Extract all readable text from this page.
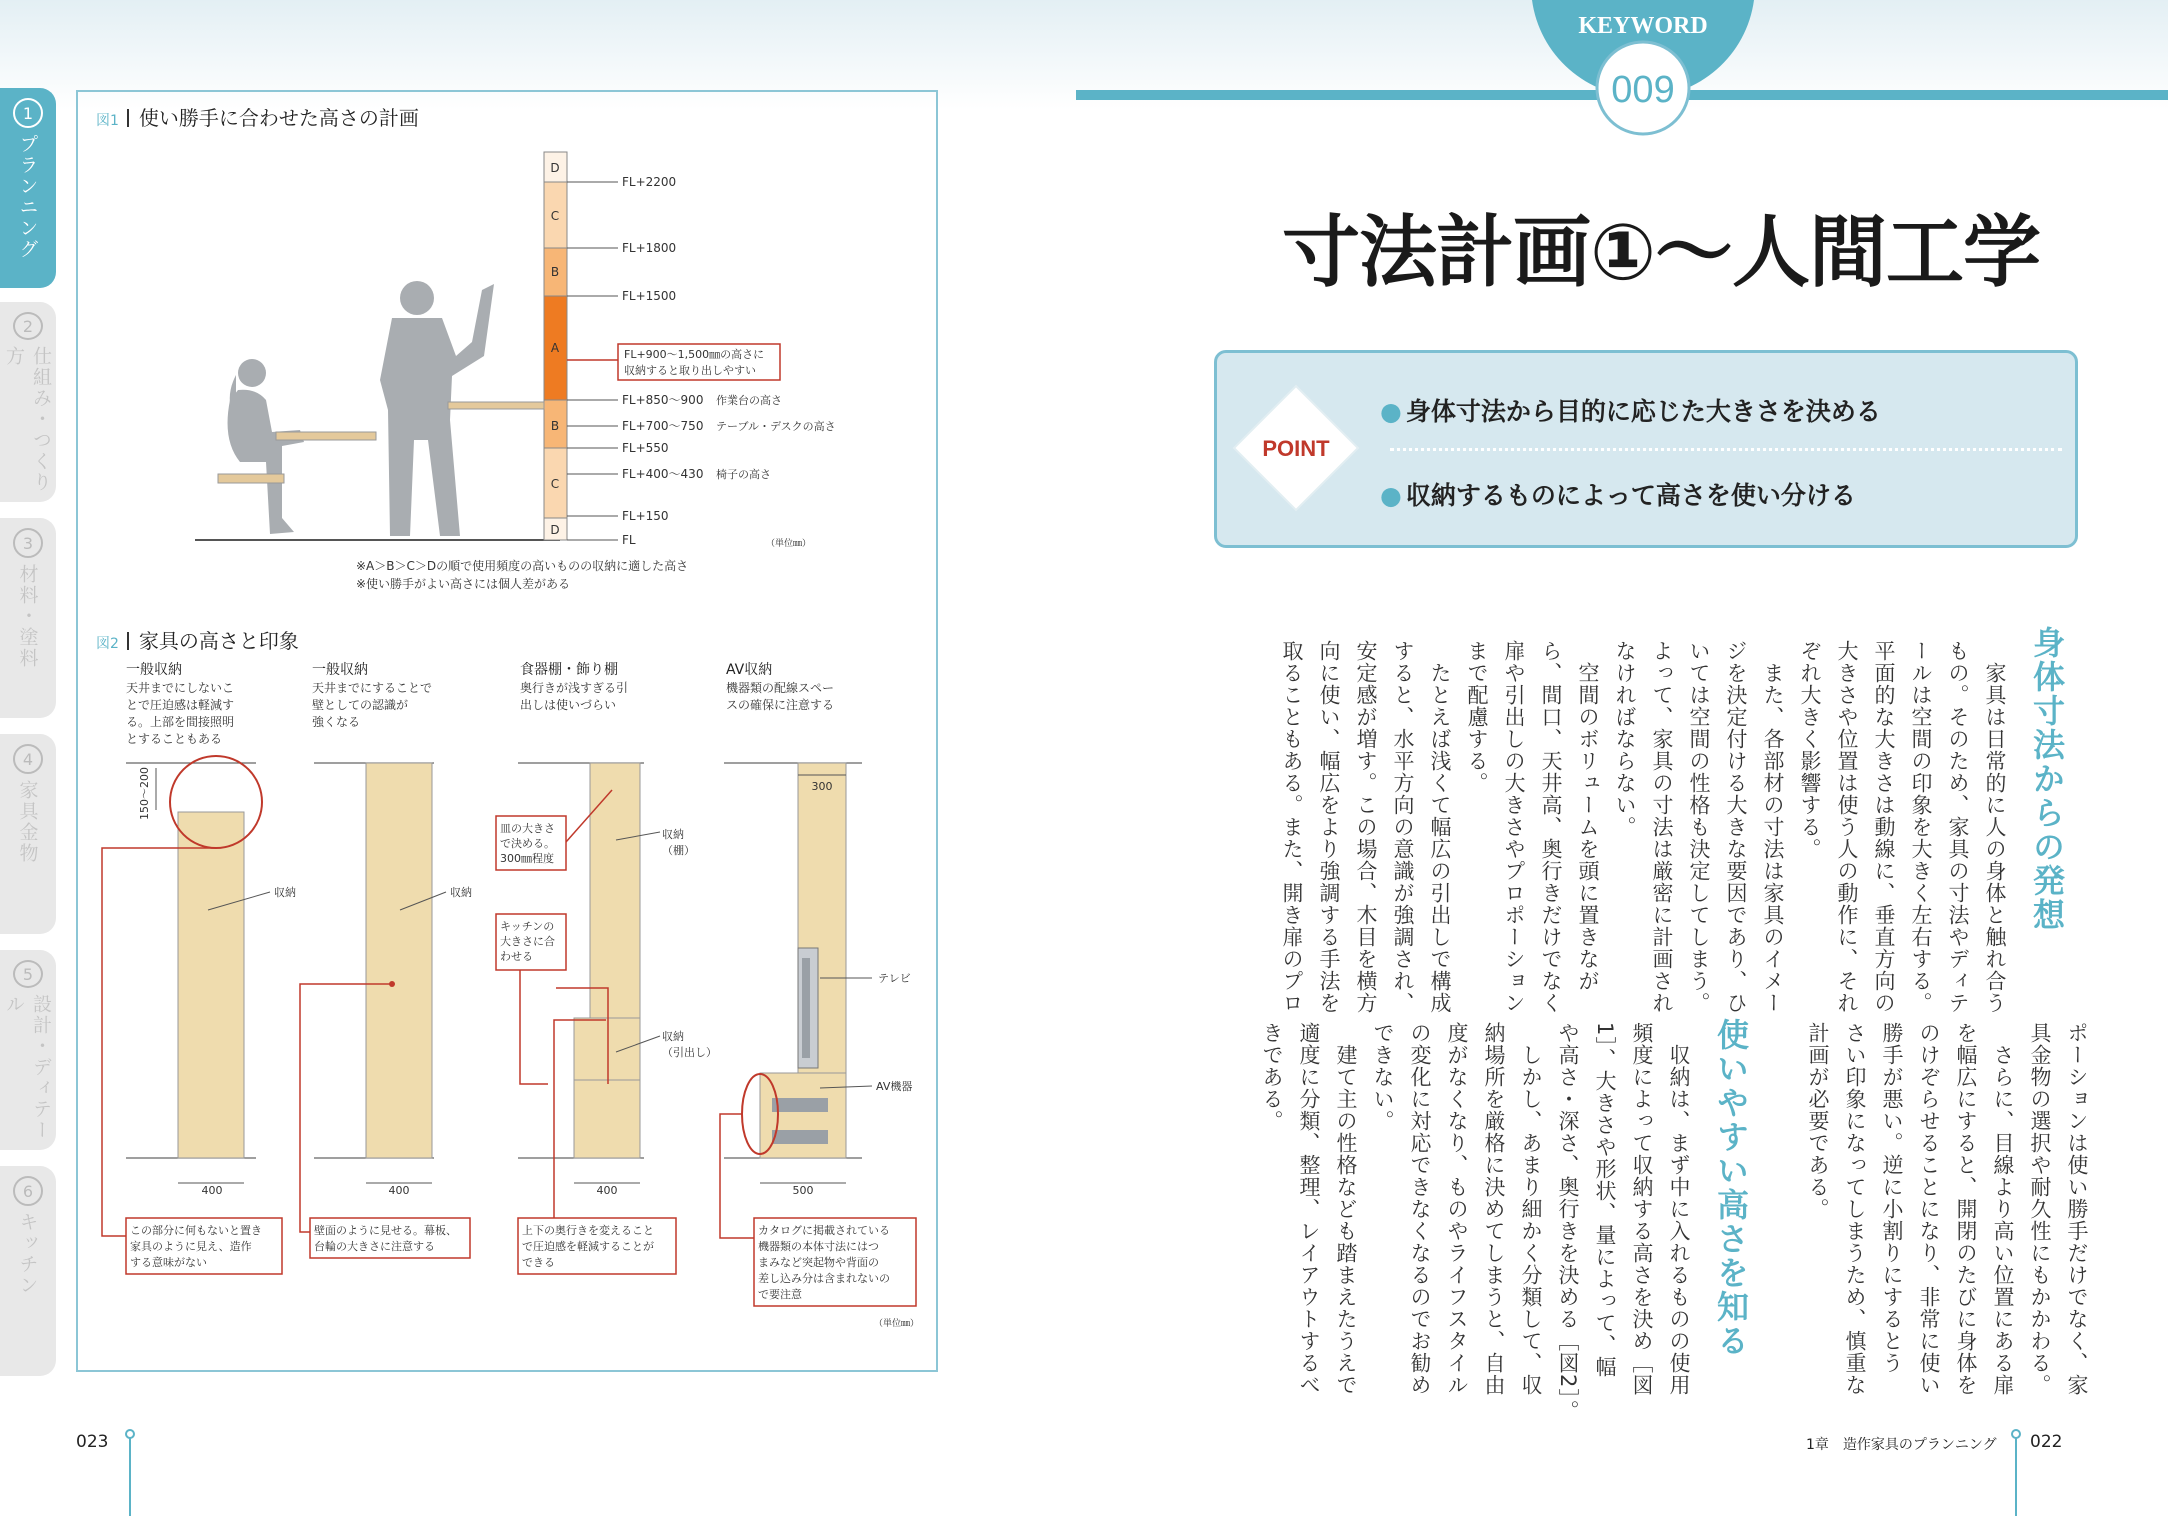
KEYWORD
009
1
プランニング
2
仕組み・つくり方
3
材料・塗料
4
家具金物
5
設計・ディテール
6
キッチン
図1 使い勝手に合わせた高さの計画
D
C
B
A
B
C
D
FL+2200
FL+1800
FL+1500
FL+850〜900
FL+700〜750
FL+550
FL+400〜430
FL+150
FL
作業台の高さ
テーブル・デスクの高さ
椅子の高さ
FL+900〜1,500㎜の高さに
収納すると取り出しやすい
（単位㎜）
※A＞B＞C＞Dの順で使用頻度の高いものの収納に適した高さ
※使い勝手がよい高さには個人差がある
図2 家具の高さと印象
一般収納
天井までにしないこ
とで圧迫感は軽減す
る。上部を間接照明
とすることもある
一般収納
天井までにすることで
壁としての認識が
強くなる
食器棚・飾り棚
奥行きが浅すぎる引
出しは使いづらい
AV収納
機器類の配線スペー
スの確保に注意する
150〜200
収納
400
収納
400
収納
（棚）
収納
（引出し）
皿の大きさ
で決める。
300㎜程度
キッチンの
大きさに合
わせる
400
300
テレビ
AV機器
500
この部分に何もないと置き
家具のように見え、造作
する意味がない
壁面のように見せる。幕板、
台輪の大きさに注意する
上下の奥行きを変えること
で圧迫感を軽減することが
できる
カタログに掲載されている
機器類の本体寸法にはつ
まみなど突起物や背面の
差し込み分は含まれないの
で要注意
（単位㎜）
寸法計画①〜人間工学
POINT
● 身体寸法から目的に応じた大きさを決める
● 収納するものによって高さを使い分ける
身体寸法からの発想
　家具は日常的に人の身体と触れ合う
もの。そのため、家具の寸法やディテ
ールは空間の印象を大きく左右する。
平面的な大きさは動線に、垂直方向の
大きさや位置は使う人の動作に、それ
ぞれ大きく影響する。
　また、各部材の寸法は家具のイメー
ジを決定付ける大きな要因であり、ひ
いては空間の性格も決定してしまう。
よって、家具の寸法は厳密に計画され
なければならない。
　空間のボリュームを頭に置きなが
ら、間口、天井高、奥行きだけでなく
扉や引出しの大きさやプロポーション
まで配慮する。
　たとえば浅くて幅広の引出しで構成
すると、水平方向の意識が強調され、
安定感が増す。この場合、木目を横方
向に使い、幅広をより強調する手法を
取ることもある。また、開き扉のプロ
ポーションは使い勝手だけでなく、家
具金物の選択や耐久性にもかかわる。
　さらに、目線より高い位置にある扉
を幅広にすると、開閉のたびに身体を
のけぞらせることになり、非常に使い
勝手が悪い。逆に小割りにするとう
さい印象になってしまうため、慎重な
計画が必要である。
使いやすい高さを知る
　収納は、まず中に入れるものの使用
頻度によって収納する高さを決め［図
1］、大きさや形状、量によって、幅
や高さ・深さ、奥行きを決める［図2］。
　しかし、あまり細かく分類して、収
納場所を厳格に決めてしまうと、自由
度がなくなり、ものやライフスタイル
の変化に対応できなくなるのでお勧め
できない。
　建て主の性格なども踏まえたうえで
適度に分類、整理、レイアウトするべ
きである。
023	1章　造作家具のプランニング 022
